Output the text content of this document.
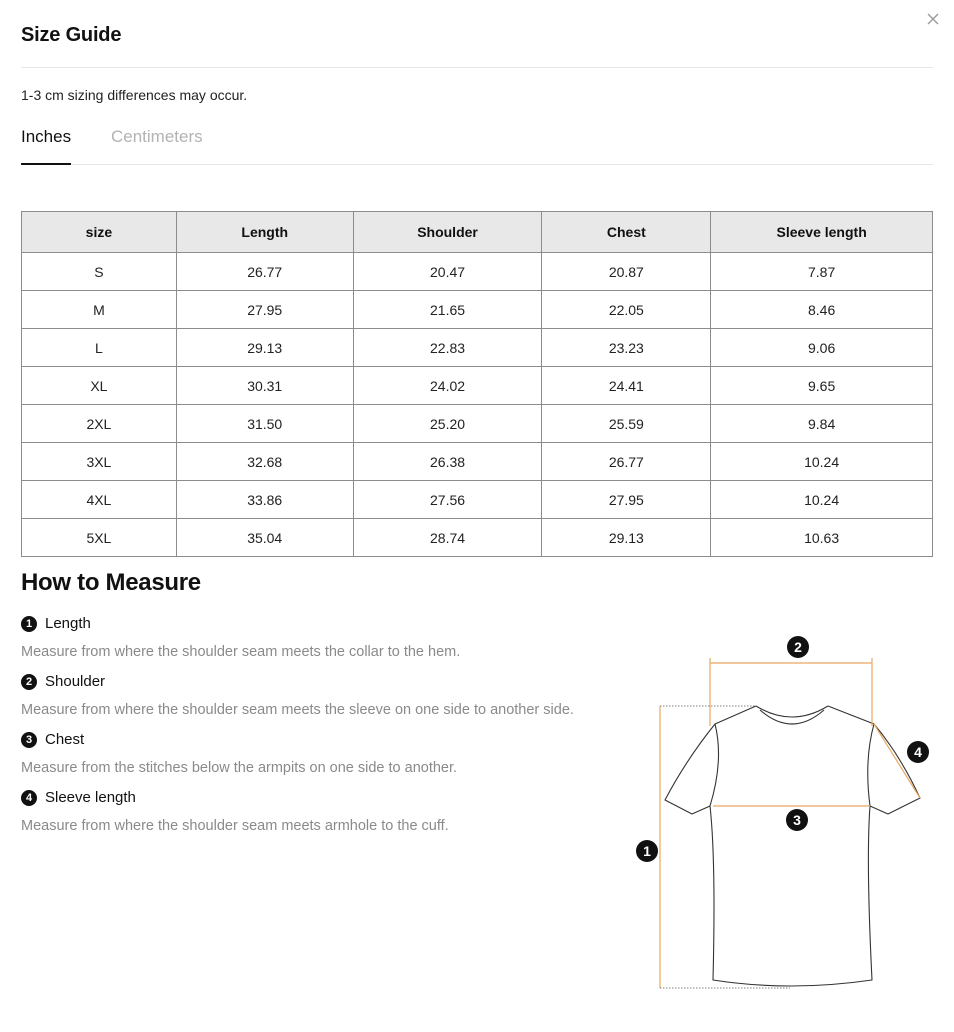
Size Guide
1-3 cm sizing differences may occur.
Inches Centimeters
size	Length	Shoulder	Chest	Sleeve length
S	26.77	20.47	20.87	7.87
M	27.95	21.65	22.05	8.46
L	29.13	22.83	23.23	9.06
XL	30.31	24.02	24.41	9.65
2XL	31.50	25.20	25.59	9.84
3XL	32.68	26.38	26.77	10.24
4XL	33.86	27.56	27.95	10.24
5XL	35.04	28.74	29.13	10.63
How to Measure
1 Length
Measure from where the shoulder seam meets the collar to the hem.
2 Shoulder
Measure from where the shoulder seam meets the sleeve on one side to another side.
3 Chest
Measure from the stitches below the armpits on one side to another.
4 Sleeve length
Measure from where the shoulder seam meets armhole to the cuff.
1
2
3
4
